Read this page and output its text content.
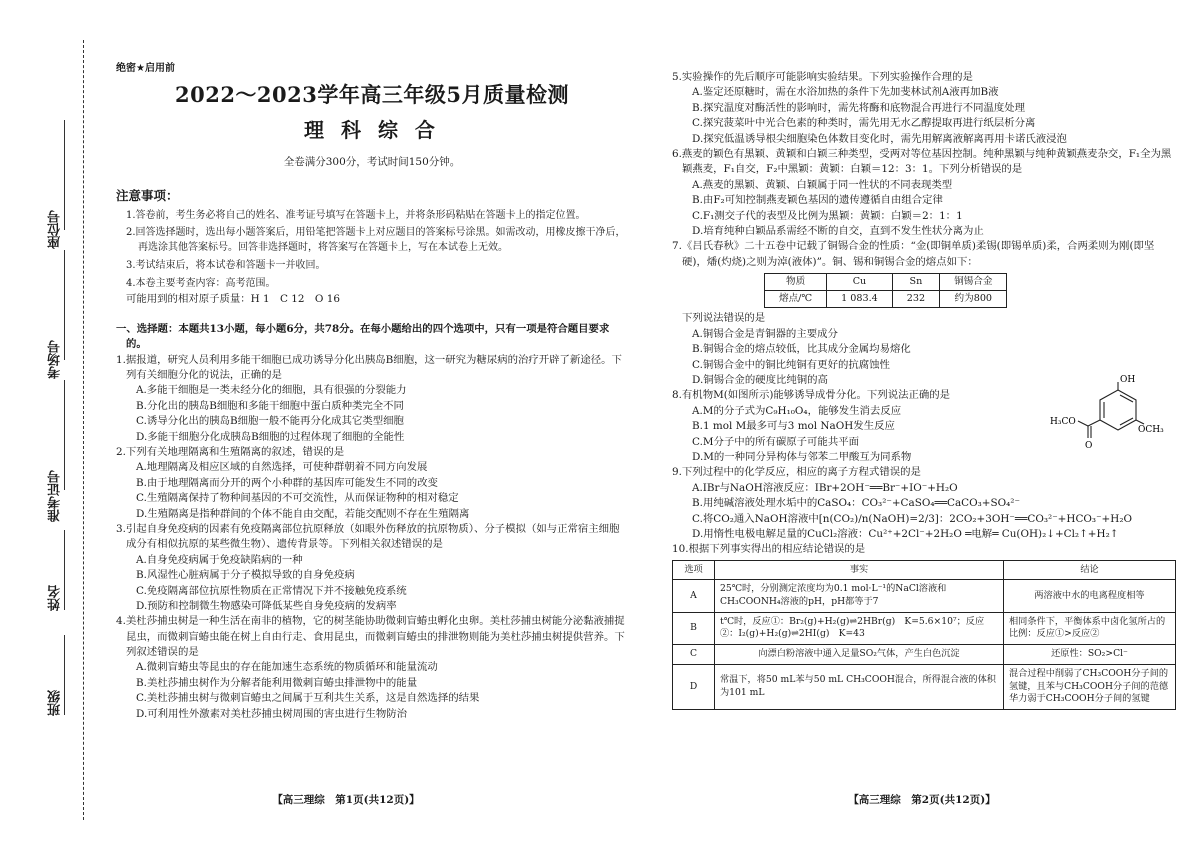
座位号
考场号
准考证号
姓名
班级
绝密★启用前
2022～2023学年高三年级5月质量检测
理 科 综 合
全卷满分300分，考试时间150分钟。
注意事项：
1.答卷前，考生务必将自己的姓名、准考证号填写在答题卡上，并将条形码粘贴在答题卡上的指定位置。
2.回答选择题时，选出每小题答案后，用铅笔把答题卡上对应题目的答案标号涂黑。如需改动，用橡皮擦干净后，再选涂其他答案标号。回答非选择题时，将答案写在答题卡上，写在本试卷上无效。
3.考试结束后，将本试卷和答题卡一并收回。
4.本卷主要考查内容：高考范围。
可能用到的相对原子质量：H 1　C 12　O 16
一、选择题：本题共13小题，每小题6分，共78分。在每小题给出的四个选项中，只有一项是符合题目要求的。
1.据报道，研究人员利用多能干细胞已成功诱导分化出胰岛B细胞，这一研究为糖尿病的治疗开辟了新途径。下列有关细胞分化的说法，正确的是
A.多能干细胞是一类未经分化的细胞，具有很强的分裂能力
B.分化出的胰岛B细胞和多能干细胞中蛋白质种类完全不同
C.诱导分化出的胰岛B细胞一般不能再分化成其它类型细胞
D.多能干细胞分化成胰岛B细胞的过程体现了细胞的全能性
2.下列有关地理隔离和生殖隔离的叙述，错误的是
A.地理隔离及相应区域的自然选择，可使种群朝着不同方向发展
B.由于地理隔离而分开的两个小种群的基因库可能发生不同的改变
C.生殖隔离保持了物种间基因的不可交流性，从而保证物种的相对稳定
D.生殖隔离是指种群间的个体不能自由交配，若能交配则不存在生殖隔离
3.引起自身免疫病的因素有免疫隔离部位抗原释放（如眼外伤释放的抗原物质）、分子模拟（如与正常宿主细胞成分有相似抗原的某些微生物）、遗传背景等。下列相关叙述错误的是
A.自身免疫病属于免疫缺陷病的一种
B.风湿性心脏病属于分子模拟导致的自身免疫病
C.免疫隔离部位抗原性物质在正常情况下并不接触免疫系统
D.预防和控制微生物感染可降低某些自身免疫病的发病率
4.美杜莎捕虫树是一种生活在南非的植物，它的树茎能协助微刺盲蝽虫孵化虫卵。美杜莎捕虫树能分泌黏液捕捉昆虫，而微刺盲蝽虫能在树上自由行走、食用昆虫，而微刺盲蝽虫的排泄物则能为美杜莎捕虫树提供营养。下列叙述错误的是
A.微刺盲蝽虫等昆虫的存在能加速生态系统的物质循环和能量流动
B.美杜莎捕虫树作为分解者能利用微刺盲蝽虫排泄物中的能量
C.美杜莎捕虫树与微刺盲蝽虫之间属于互利共生关系，这是自然选择的结果
D.可利用性外激素对美杜莎捕虫树周围的害虫进行生物防治
5.实验操作的先后顺序可能影响实验结果。下列实验操作合理的是
A.鉴定还原糖时，需在水浴加热的条件下先加斐林试剂A液再加B液
B.探究温度对酶活性的影响时，需先将酶和底物混合再进行不同温度处理
C.探究菠菜叶中光合色素的种类时，需先用无水乙醇提取再进行纸层析分离
D.探究低温诱导根尖细胞染色体数目变化时，需先用解离液解离再用卡诺氏液浸泡
6.燕麦的颖色有黑颖、黄颖和白颖三种类型，受两对等位基因控制。纯种黑颖与纯种黄颖燕麦杂交，F₁全为黑颖燕麦，F₁自交，F₂中黑颖：黄颖：白颖＝12：3：1。下列分析错误的是
A.燕麦的黑颖、黄颖、白颖属于同一性状的不同表现类型
B.由F₂可知控制燕麦颖色基因的遗传遵循自由组合定律
C.F₁测交子代的表型及比例为黑颖：黄颖：白颖＝2：1：1
D.培育纯种白颖品系需经不断的自交，直到不发生性状分离为止
7.《吕氏春秋》二十五卷中记载了铜锡合金的性质：“金(即铜单质)柔锡(即锡单质)柔，合两柔则为刚(即坚硬)，燔(灼烧)之则为淖(液体)”。铜、锡和铜锡合金的熔点如下：
物质	Cu	Sn	铜锡合金
熔点/℃	1 083.4	232	约为800
下列说法错误的是
A.铜锡合金是青铜器的主要成分
B.铜锡合金的熔点较低，比其成分金属均易熔化
C.铜锡合金中的铜比纯铜有更好的抗腐蚀性
D.铜锡合金的硬度比纯铜的高
8.有机物M(如图所示)能够诱导成骨分化。下列说法正确的是
A.M的分子式为C₉H₁₀O₄，能够发生消去反应
B.1 mol M最多可与3 mol NaOH发生反应
C.M分子中的所有碳原子可能共平面
D.M的一种同分异构体与邻苯二甲酸互为同系物
OH
OCH₃
H₃CO
O
9.下列过程中的化学反应，相应的离子方程式错误的是
A.IBr与NaOH溶液反应：IBr+2OH⁻══Br⁻+IO⁻+H₂O
B.用纯碱溶液处理水垢中的CaSO₄：CO₃²⁻+CaSO₄══CaCO₃+SO₄²⁻
C.将CO₂通入NaOH溶液中[n(CO₂)/n(NaOH)=2/3]：2CO₂+3OH⁻══CO₃²⁻+HCO₃⁻+H₂O
D.用惰性电极电解足量的CuCl₂溶液：Cu²⁺+2Cl⁻+2H₂O ═电解═ Cu(OH)₂↓+Cl₂↑+H₂↑
10.根据下列事实得出的相应结论错误的是
选项	事实	结论
A	25℃时，分别测定浓度均为0.1 mol·L⁻¹的NaCl溶液和CH₃COONH₄溶液的pH，pH都等于7	两溶液中水的电离程度相等
B	t℃时，反应①：Br₂(g)+H₂(g)⇌2HBr(g)　K=5.6×10⁷；反应②：I₂(g)+H₂(g)⇌2HI(g)　K=43	相同条件下，平衡体系中卤化氢所占的比例：反应①>反应②
C	向漂白粉溶液中通入足量SO₂气体，产生白色沉淀	还原性：SO₂>Cl⁻
D	常温下，将50 mL苯与50 mL CH₃COOH混合，所得混合液的体积为101 mL	混合过程中削弱了CH₃COOH分子间的氢键，且苯与CH₃COOH分子间的范德华力弱于CH₃COOH分子间的氢键
【高三理综　第1页(共12页)】	【高三理综　第2页(共12页)】
